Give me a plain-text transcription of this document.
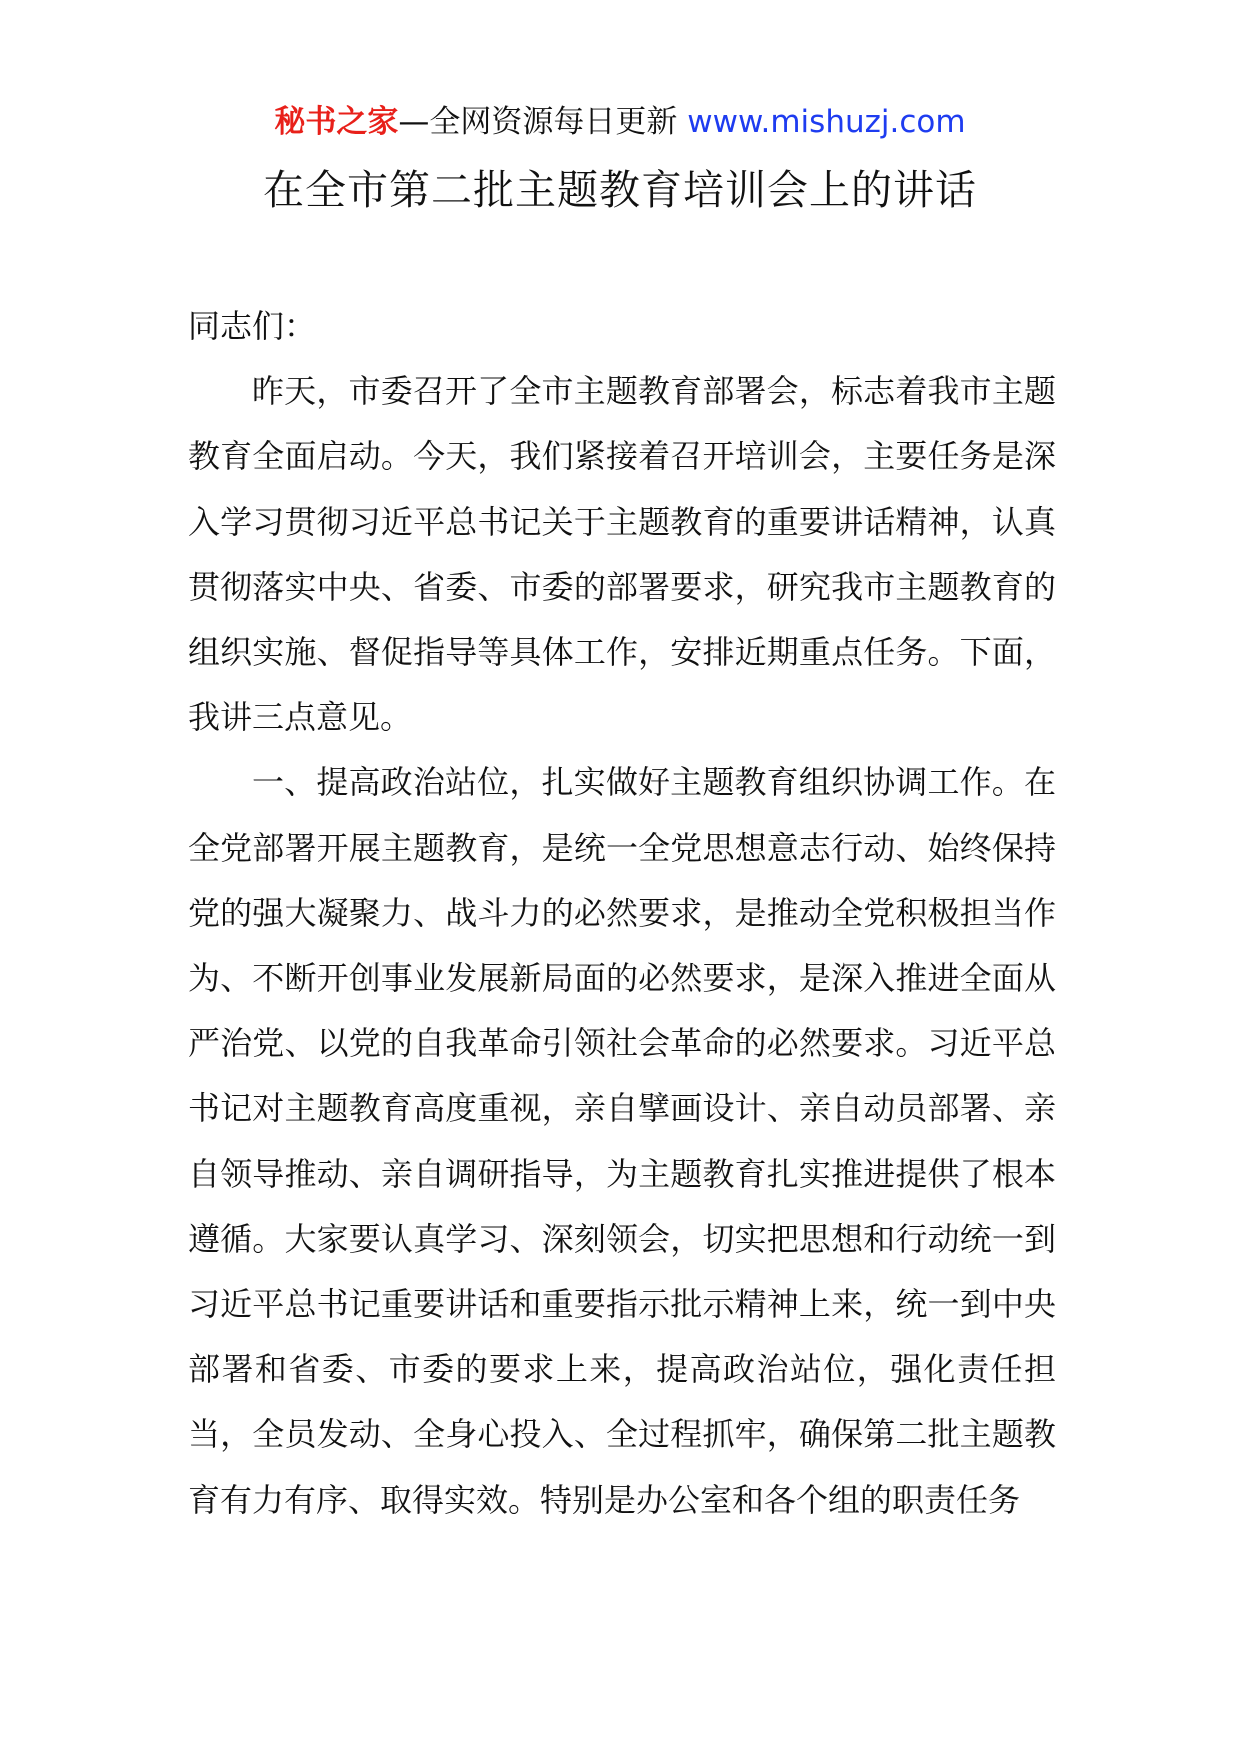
秘书之家—全网资源每日更新 www.mishuzj.com
在全市第二批主题教育培训会上的讲话

同志们：

昨天，市委召开了全市主题教育部署会，标志着我市主题教育全面启动。今天，我们紧接着召开培训会，主要任务是深入学习贯彻习近平总书记关于主题教育的重要讲话精神，认真贯彻落实中央、省委、市委的部署要求，研究我市主题教育的组织实施、督促指导等具体工作，安排近期重点任务。下面，我讲三点意见。

一、提高政治站位，扎实做好主题教育组织协调工作。在全党部署开展主题教育，是统一全党思想意志行动、始终保持党的强大凝聚力、战斗力的必然要求，是推动全党积极担当作为、不断开创事业发展新局面的必然要求，是深入推进全面从严治党、以党的自我革命引领社会革命的必然要求。习近平总书记对主题教育高度重视，亲自擘画设计、亲自动员部署、亲自领导推动、亲自调研指导，为主题教育扎实推进提供了根本遵循。大家要认真学习、深刻领会，切实把思想和行动统一到习近平总书记重要讲话和重要指示批示精神上来，统一到中央部署和省委、市委的要求上来，提高政治站位，强化责任担当，全员发动、全身心投入、全过程抓牢，确保第二批主题教育有力有序、取得实效。特别是办公室和各个组的职责任务
